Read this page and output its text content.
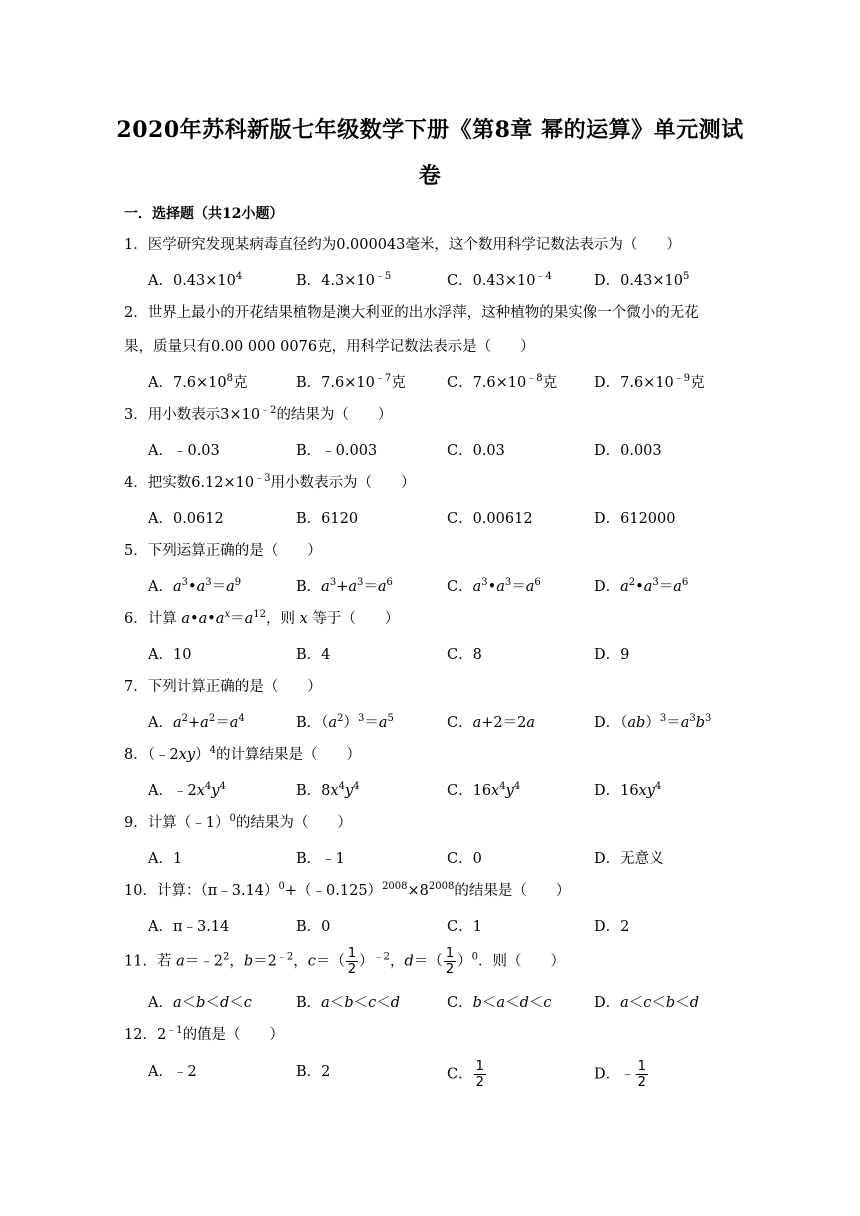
2020年苏科新版七年级数学下册《第8章 幂的运算》单元测试
卷
一．选择题（共12小题）
1．医学研究发现某病毒直径约为0.000043毫米，这个数用科学记数法表示为（　　）
A．$0.43\times 10^4$	B．$4.3\times 10^{﹣5}$	C．$0.43\times 10^{﹣4}$	D．$0.43\times 10^5$
2．世界上最小的开花结果植物是澳大利亚的出水浮萍，这种植物的果实像一个微小的无花
果，质量只有0.00 000 0076克，用科学记数法表示是（　　）
A．$7.6\times 10^8$克	B．$7.6\times 10^{﹣7}$克	C．$7.6\times 10^{﹣8}$克	D．$7.6\times 10^{﹣9}$克
3．用小数表示$3\times 10^{﹣2}$的结果为（　　）
A．﹣0.03	B．﹣0.003	C．0.03	D．0.003
4．把实数$6.12\times 10^{﹣3}$用小数表示为（　　）
A．0.0612	B．6120	C．0.00612	D．612000
5．下列运算正确的是（　　）
A．$a^3•a^3=a^9$	B．$a^3+a^3=a^6$	C．$a^3•a^3=a^6$	D．$a^2•a^3=a^6$
6．计算 $a•a•a^x=a^{12}$，则 x 等于（　　）
A．10	B．4	C．8	D．9
7．下列计算正确的是（　　）
A．$a^2+a^2=a^4$	B．$(a^2)^3=a^5$	C．a+2＝2a	D．$(ab)^3=a^3b^3$
8．（﹣2xy）$^4$的计算结果是（　　）
A．$﹣2x^4y^4$	B．$8x^4y^4$	C．$16x^4y^4$	D．$16xy^4$
9．计算（﹣1）$^0$的结果为（　　）
A．1	B．﹣1	C．0	D．无意义
10．计算：$(\pi﹣3.14)^0+(﹣0.125)^{2008}\times 8^{2008}$的结果是（　　）
A．π﹣3.14	B．0	C．1	D．2
11．若 $a=﹣2^2$，$b=2^{﹣2}$，$c=( \frac{1}{2} )^{﹣2}$，$d=( \frac{1}{2} )^0$．则（　　）
A．a＜b＜d＜c	B．a＜b＜c＜d	C．b＜a＜d＜c	D．a＜c＜b＜d
12．$2^{﹣1}$的值是（　　）
A．﹣2	B．2	C． $\frac{1}{2}$	D．﹣ $\frac{1}{2}$
